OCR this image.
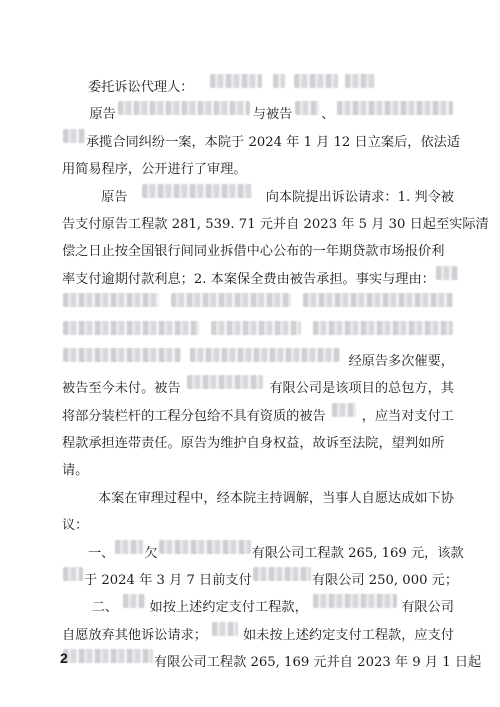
委托诉讼代理人：
原告	与被告 、
承揽合同纠纷一案，本院于 2024 年 1 月 12 日立案后，依法适
用简易程序，公开进行了审理。
原告	向本院提出诉讼请求：1. 判令被
告支付原告工程款 281, 539. 71 元并自 2023 年 5 月 30 日起至实际清
偿之日止按全国银行间同业拆借中心公布的一年期贷款市场报价利
率支付逾期付款利息；2. 本案保全费由被告承担。事实与理由：
经原告多次催要，
被告至今未付。被告	有限公司是该项目的总包方，其
将部分装栏杆的工程分包给不具有资质的被告	，应当对支付工
程款承担连带责任。原告为维护自身权益，故诉至法院，望判如所
请。
本案在审理过程中，经本院主持调解，当事人自愿达成如下协
议：
一、 欠	有限公司工程款 265, 169 元，该款
于 2024 年 3 月 7 日前支付	有限公司 250, 000 元；
二、 如按上述约定支付工程款，	有限公司
自愿放弃其他诉讼请求；	如未按上述约定支付工程款，应支付
有限公司工程款 265, 169 元并自 2023 年 9 月 1 日起
2
